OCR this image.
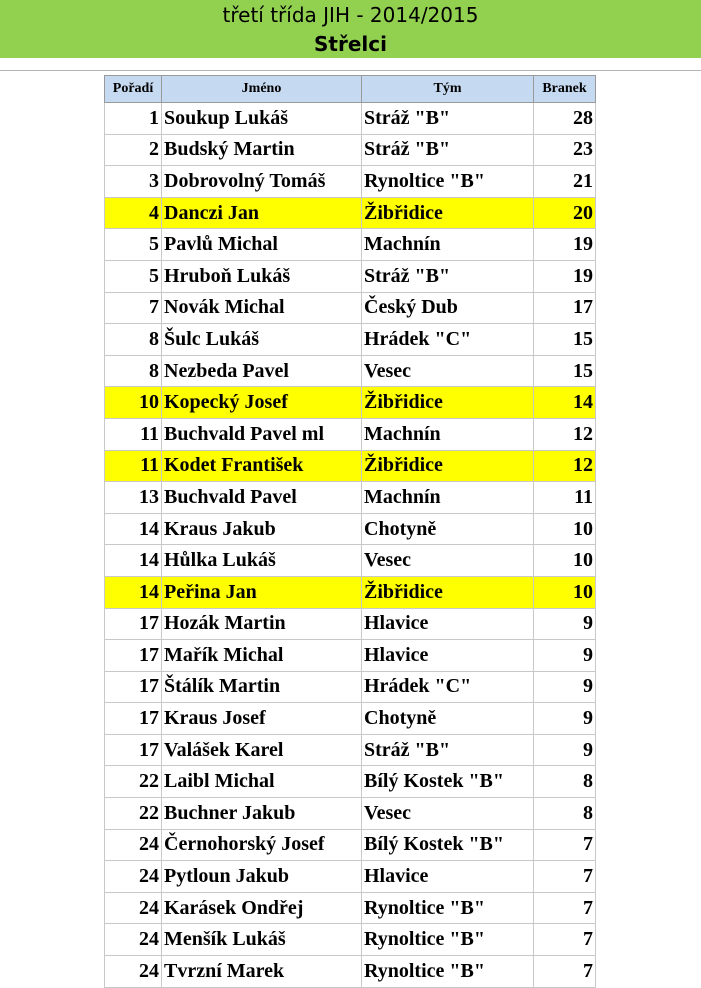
třetí třída JIH - 2014/2015
Střelci
Pořadí	Jméno	Tým	Branek
1	Soukup Lukáš	Stráž "B"	28
2	Budský Martin	Stráž "B"	23
3	Dobrovolný Tomáš	Rynoltice "B"	21
4	Danczi Jan	Žibřidice	20
5	Pavlů Michal	Machnín	19
5	Hruboň Lukáš	Stráž "B"	19
7	Novák Michal	Český Dub	17
8	Šulc Lukáš	Hrádek "C"	15
8	Nezbeda Pavel	Vesec	15
10	Kopecký Josef	Žibřidice	14
11	Buchvald Pavel ml	Machnín	12
11	Kodet František	Žibřidice	12
13	Buchvald Pavel	Machnín	11
14	Kraus Jakub	Chotyně	10
14	Hůlka Lukáš	Vesec	10
14	Peřina Jan	Žibřidice	10
17	Hozák Martin	Hlavice	9
17	Mařík Michal	Hlavice	9
17	Štálík Martin	Hrádek "C"	9
17	Kraus Josef	Chotyně	9
17	Valášek Karel	Stráž "B"	9
22	Laibl Michal	Bílý Kostek "B"	8
22	Buchner Jakub	Vesec	8
24	Černohorský Josef	Bílý Kostek "B"	7
24	Pytloun Jakub	Hlavice	7
24	Karásek Ondřej	Rynoltice "B"	7
24	Menšík Lukáš	Rynoltice "B"	7
24	Tvrzní Marek	Rynoltice "B"	7
